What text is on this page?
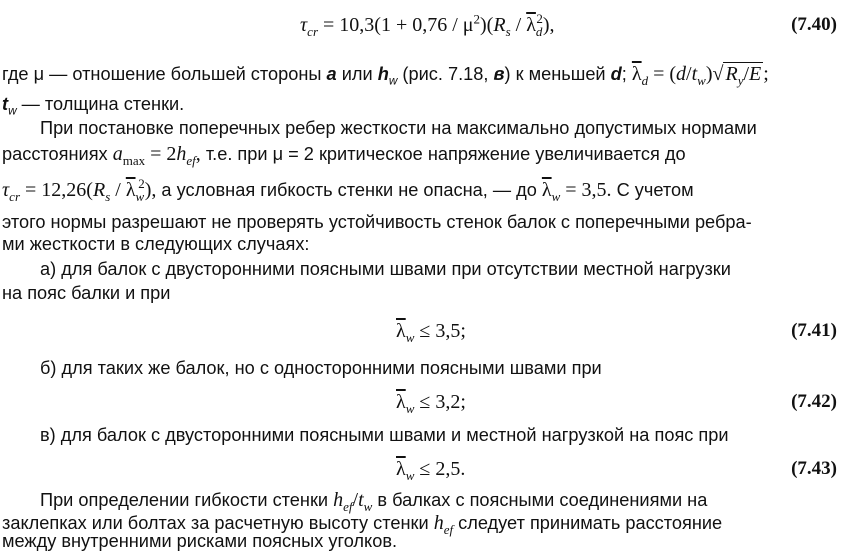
$\tau_{cr} = 10,3(1 + 0,76 / \mu^2)(R_s / \overline{\lambda}_d^2)$,	(7.40)
где μ — отношение большей стороны a или $h_w$ (рис. 7.18, в) к меньшей d; $\overline{\lambda}_d = (d/t_w)√$ $R_y/E$ ;
$t_w$ — толщина стенки.
При постановке поперечных ребер жесткости на максимально допустимых нормами
расстояниях $a_{max} = 2h_{ef}$, т.е. при μ = 2 критическое напряжение увеличивается до
$\tau_{cr} = 12,26(R_s / \overline{\lambda}_w^2)$, а условная гибкость стенки не опасна, — до $\overline{\lambda}_w = 3,5$. С учетом
этого нормы разрешают не проверять устойчивость стенок балок с поперечными ребра-
ми жесткости в следующих случаях:
а) для балок с двусторонними поясными швами при отсутствии местной нагрузки
на пояс балки и при
$\overline{\lambda}_w \le 3,5$;	(7.41)
б) для таких же балок, но с односторонними поясными швами при
$\overline{\lambda}_w \le 3,2$;	(7.42)
в) для балок с двусторонними поясными швами и местной нагрузкой на пояс при
$\overline{\lambda}_w \le 2,5$.	(7.43)
При определении гибкости стенки $h_{ef}/t_w$ в балках с поясными соединениями на
заклепках или болтах за расчетную высоту стенки $h_{ef}$ следует принимать расстояние
между внутренними рисками поясных уголков.
